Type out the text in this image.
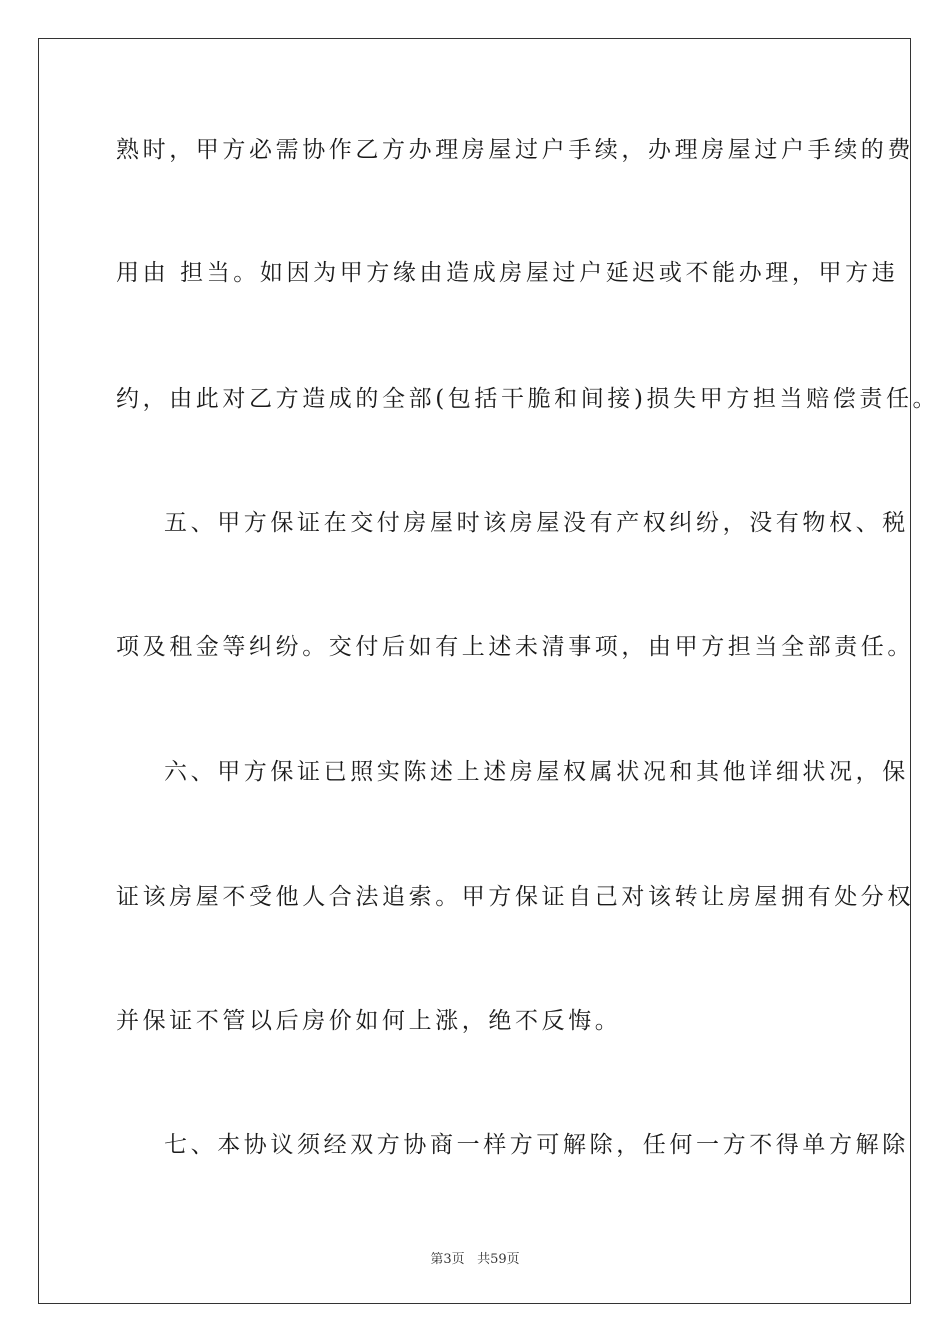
熟时，甲方必需协作乙方办理房屋过户手续，办理房屋过户手续的费
用由 担当。如因为甲方缘由造成房屋过户延迟或不能办理，甲方违
约，由此对乙方造成的全部(包括干脆和间接)损失甲方担当赔偿责任。
五、甲方保证在交付房屋时该房屋没有产权纠纷，没有物权、税
项及租金等纠纷。交付后如有上述未清事项，由甲方担当全部责任。
六、甲方保证已照实陈述上述房屋权属状况和其他详细状况，保
证该房屋不受他人合法追索。甲方保证自己对该转让房屋拥有处分权
并保证不管以后房价如何上涨，绝不反悔。
七、本协议须经双方协商一样方可解除，任何一方不得单方解除
第3页 共59页
